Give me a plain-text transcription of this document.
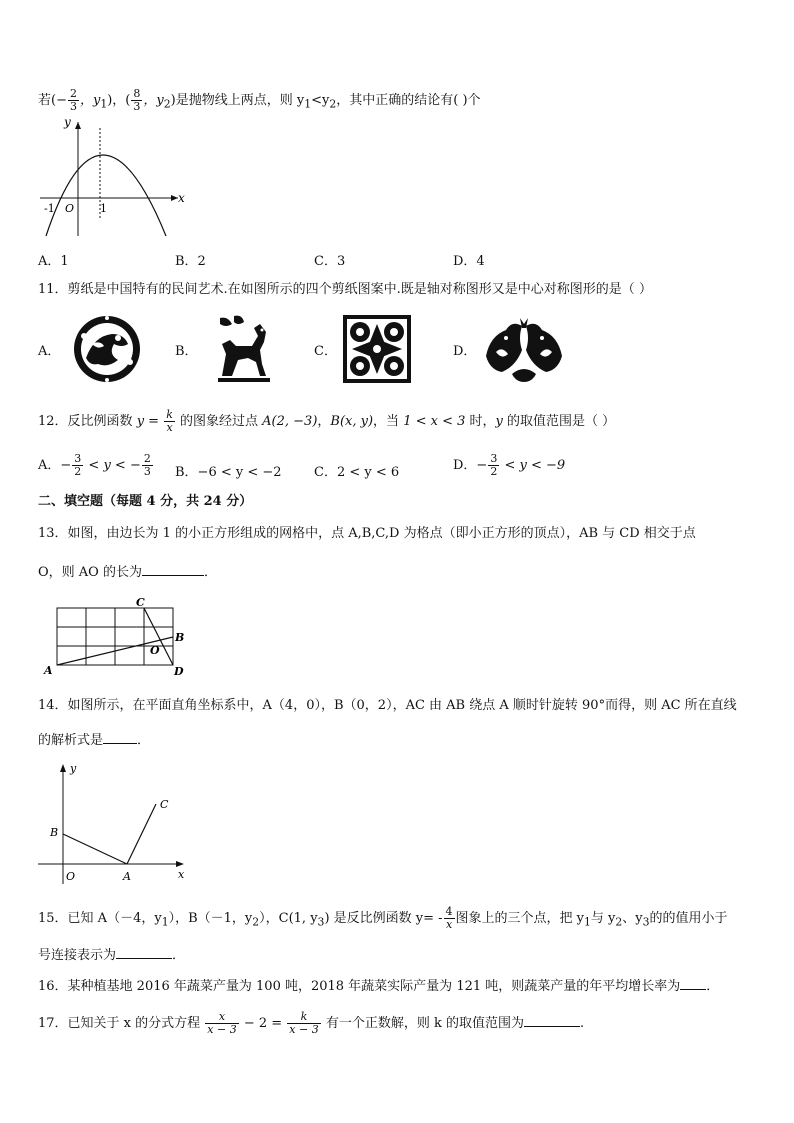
若(− $\frac{2}{3}$ ，$y_1$)，( $\frac{8}{3}$ ，$y_2$)是抛物线上两点，则 $y_1<y_2$，其中正确的结论有( )个
y
x
-1 O 1
A．1	B．2	C．3	D．4
11．剪纸是中国特有的民间艺术.在如图所示的四个剪纸图案中.既是轴对称图形又是中心对称图形的是（ ）
A．	B．	C．	D．
12．反比例函数 $y = \frac{k}{x}$ 的图象经过点 A(2, −3)，B(x, y)，当 1 < x < 3 时，y 的取值范围是（ ）
A．− $\frac{3}{2} < y$ < − $\frac{2}{3}$ B．−6 < y < −2 C．2 < y < 6	D．− $\frac{3}{2} < y < -9$
二、填空题（每题 4 分，共 24 分）
13．如图，由边长为 1 的小正方形组成的网格中，点 A,B,C,D 为格点（即小正方形的顶点），AB 与 CD 相交于点
O，则 AO 的长为	．
C
B
A	D
O
14．如图所示，在平面直角坐标系中，A（4，0），B（0，2），AC 由 AB 绕点 A 顺时针旋转 90°而得，则 AC 所在直线
的解析式是	．
y
x
O	A
B
C
15．已知 A（－4，$y_1$），B（－1，$y_2$），C(1, $y_3$) 是反比例函数 $y= - \frac{4}{x}$ 图象上的三个点，把 $y_1$与 $y_2$、$y_3$的的值用小于
号连接表示为	．
16．某种植基地 2016 年蔬菜产量为 100 吨，2018 年蔬菜实际产量为 121 吨，则蔬菜产量的年平均增长率为 ．
17．已知关于 x 的分式方程 $\frac{x}{x - 3} - 2 = \frac{k}{x - 3}$ 有一个正数解，则 k 的取值范围为	.
